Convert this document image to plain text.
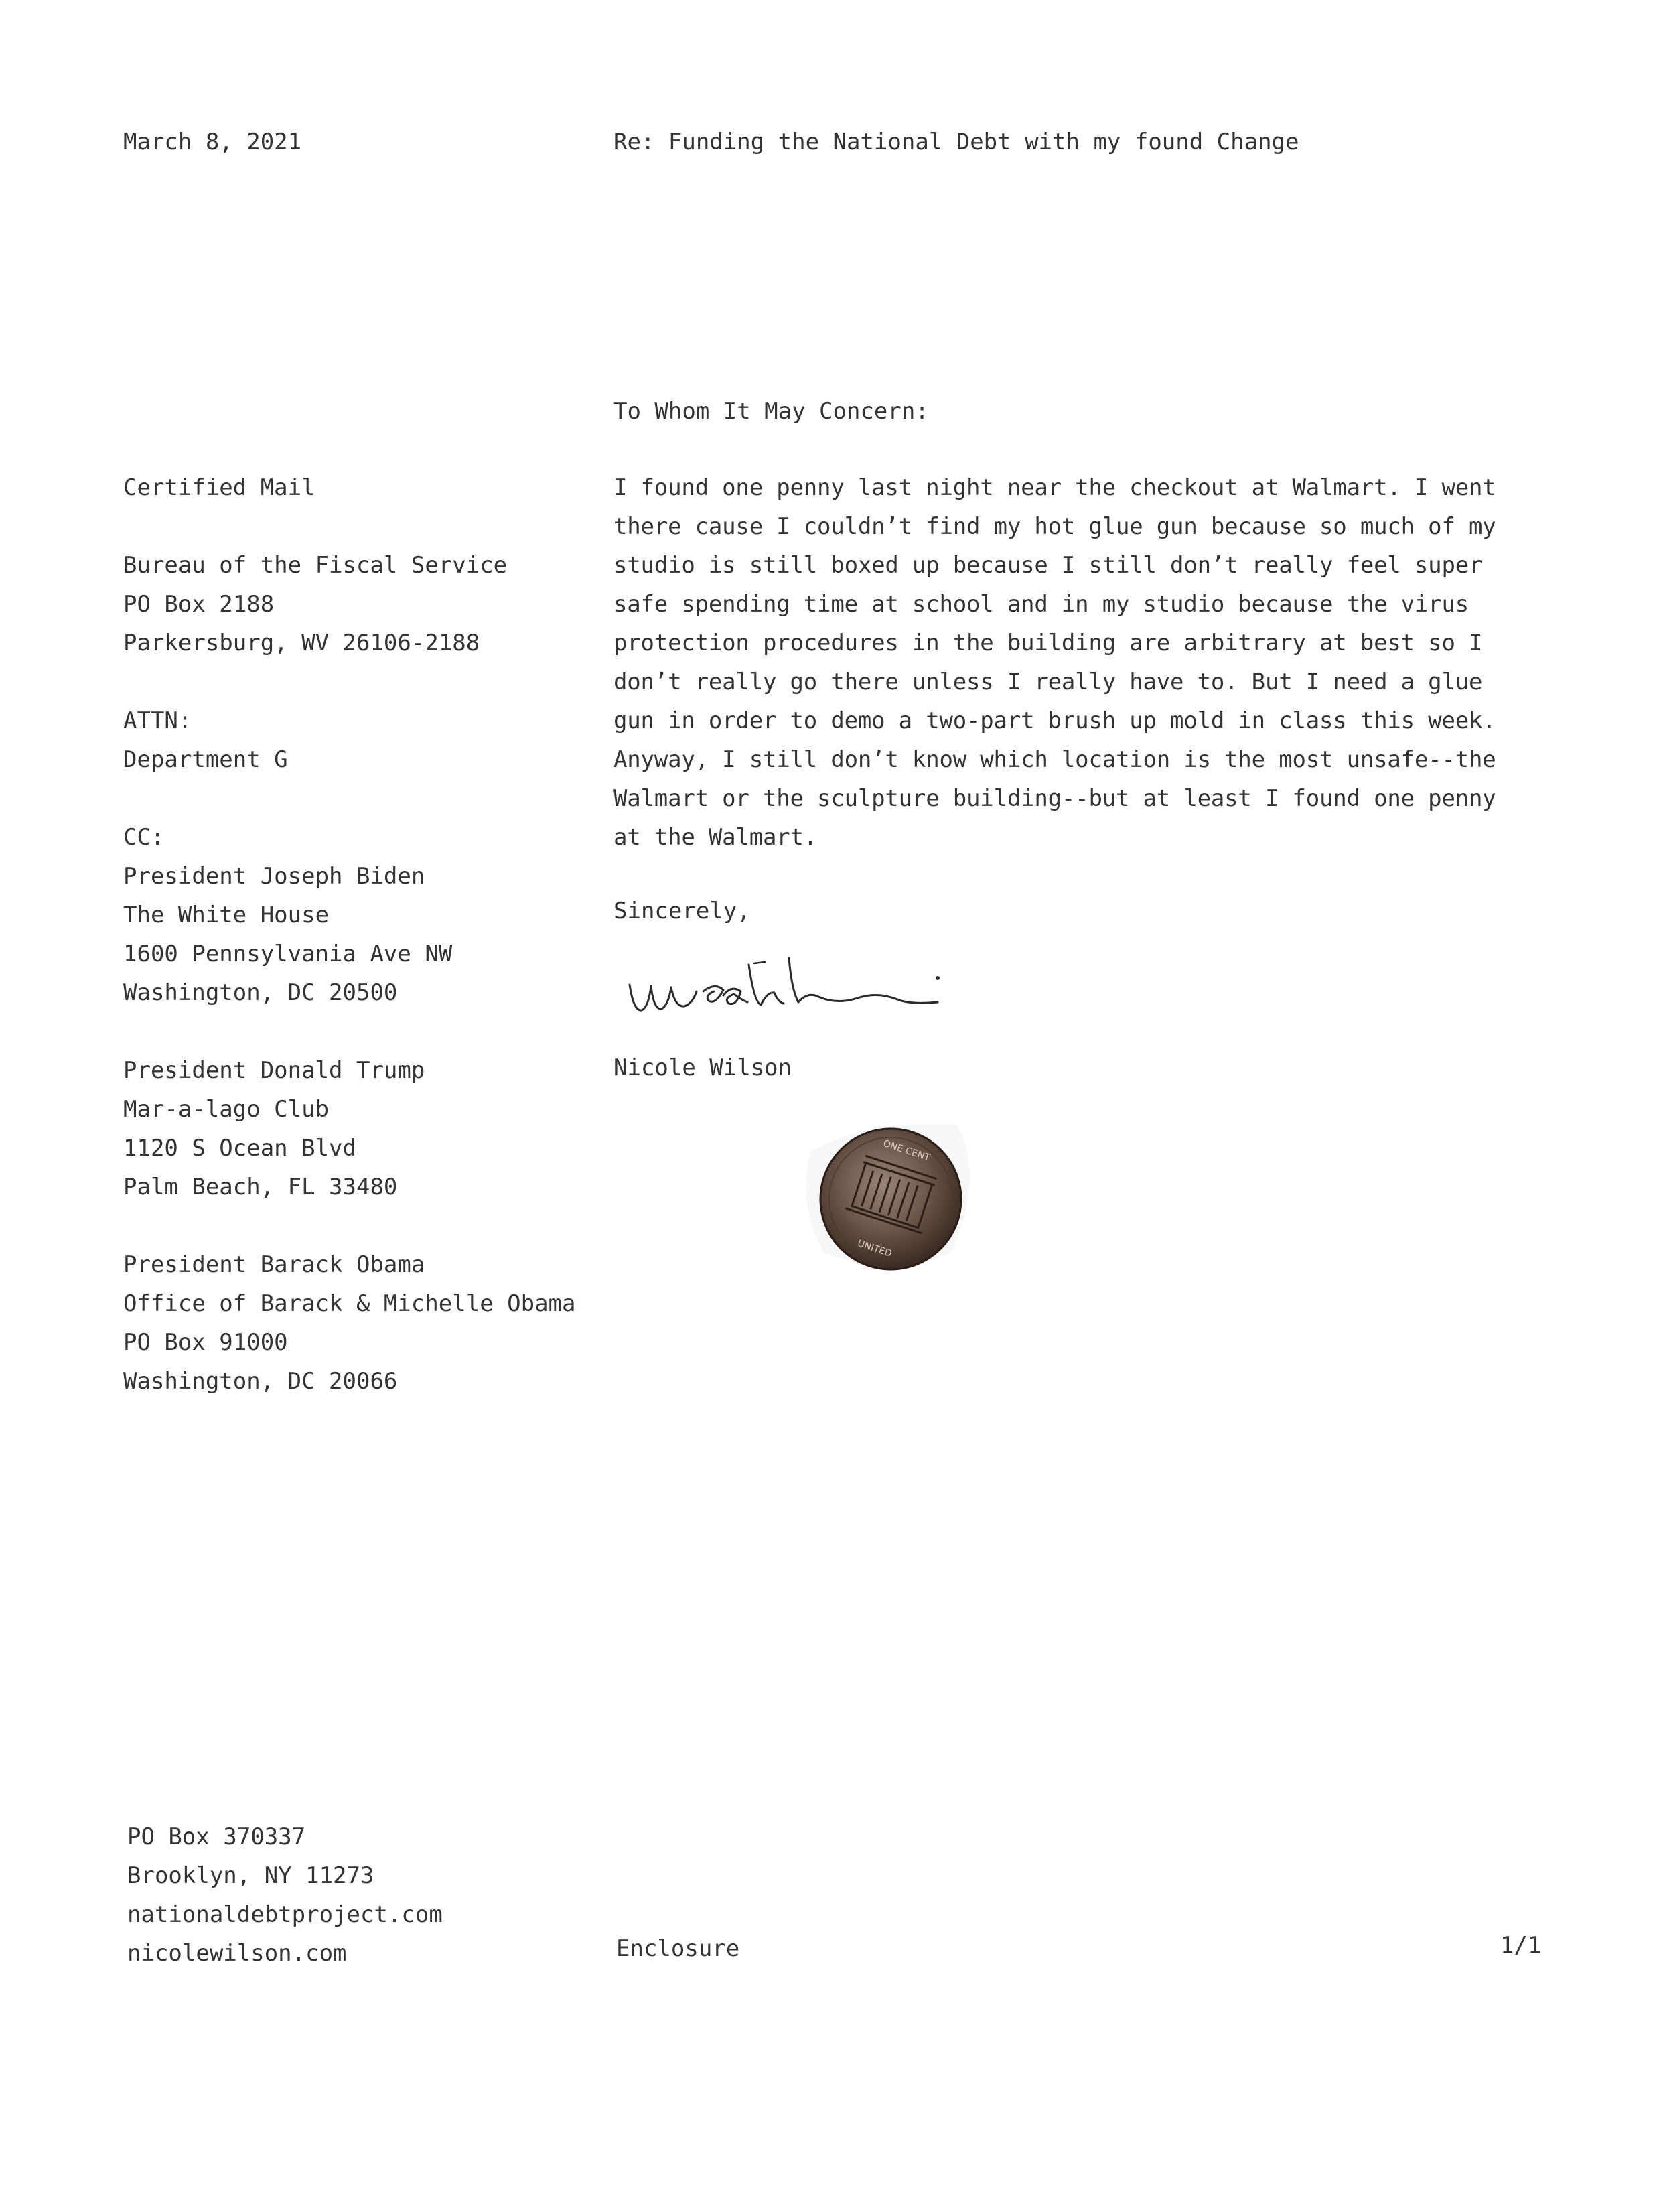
March 8, 2021	Re: Funding the National Debt with my found Change
To Whom It May Concern:
Certified Mail
Bureau of the Fiscal Service
PO Box 2188
Parkersburg, WV 26106-2188
ATTN:
Department G
CC:
President Joseph Biden
The White House
1600 Pennsylvania Ave NW
Washington, DC 20500
President Donald Trump
Mar-a-lago Club
1120 S Ocean Blvd
Palm Beach, FL 33480
President Barack Obama
Office of Barack & Michelle Obama
PO Box 91000
Washington, DC 20066
I found one penny last night near the checkout at Walmart. I went
there cause I couldn’t find my hot glue gun because so much of my
studio is still boxed up because I still don’t really feel super
safe spending time at school and in my studio because the virus
protection procedures in the building are arbitrary at best so I
don’t really go there unless I really have to. But I need a glue
gun in order to demo a two-part brush up mold in class this week.
Anyway, I still don’t know which location is the most unsafe--the
Walmart or the sculpture building--but at least I found one penny
at the Walmart.
Sincerely,
Nicole Wilson
ONE CENT
UNITED
PO Box 370337
Brooklyn, NY 11273
nationaldebtproject.com
nicolewilson.com	Enclosure	1/1
